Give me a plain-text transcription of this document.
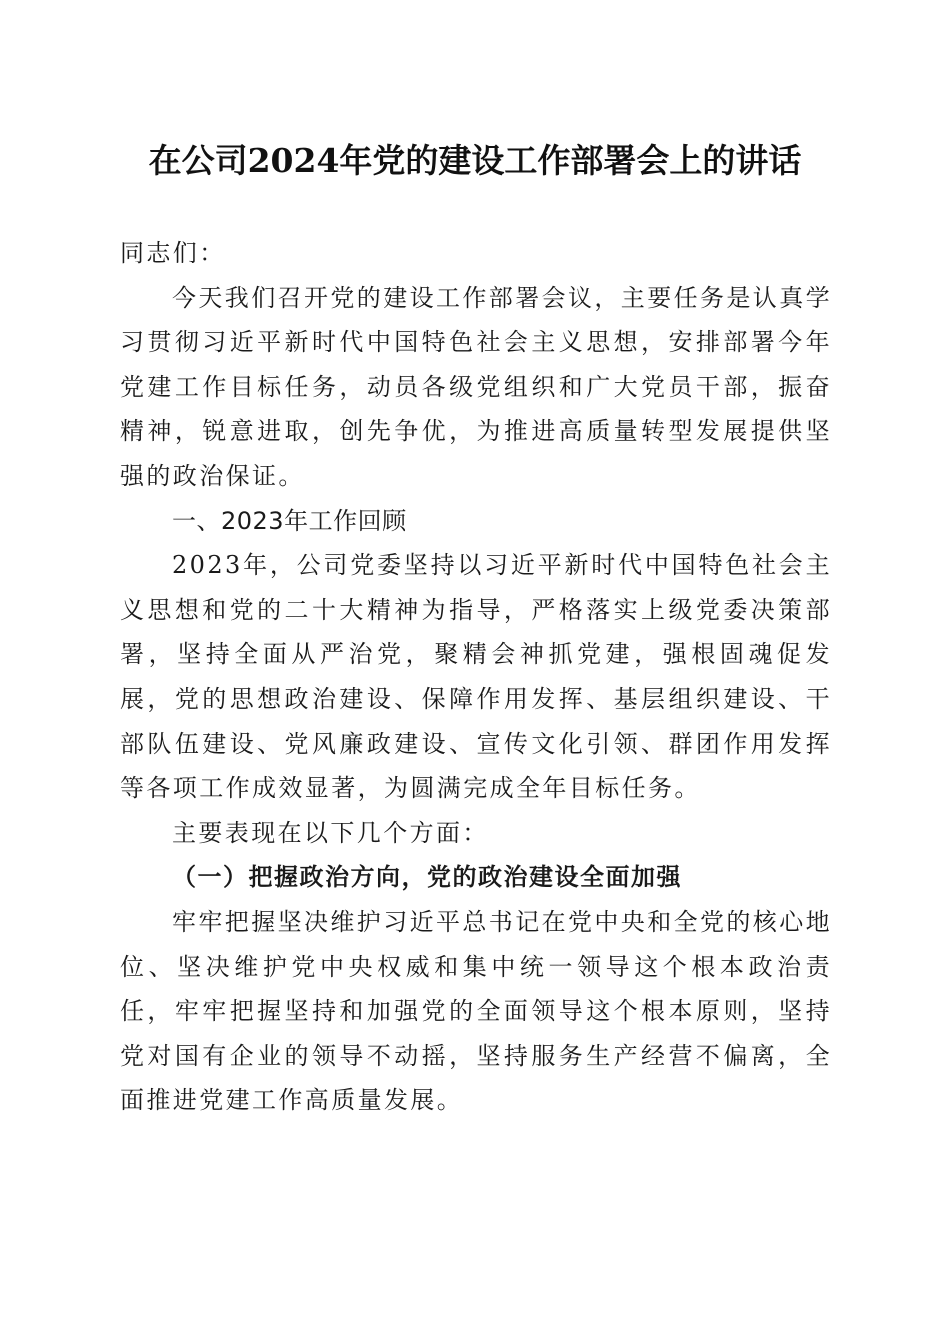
在公司2024年党的建设工作部署会上的讲话

同志们：

今天我们召开党的建设工作部署会议，主要任务是认真学习贯彻习近平新时代中国特色社会主义思想，安排部署今年党建工作目标任务，动员各级党组织和广大党员干部，振奋精神，锐意进取，创先争优，为推进高质量转型发展提供坚强的政治保证。

一、2023年工作回顾

2023年，公司党委坚持以习近平新时代中国特色社会主义思想和党的二十大精神为指导，严格落实上级党委决策部署，坚持全面从严治党，聚精会神抓党建，强根固魂促发展，党的思想政治建设、保障作用发挥、基层组织建设、干部队伍建设、党风廉政建设、宣传文化引领、群团作用发挥等各项工作成效显著，为圆满完成全年目标任务。

主要表现在以下几个方面：

（一）把握政治方向，党的政治建设全面加强

牢牢把握坚决维护习近平总书记在党中央和全党的核心地位、坚决维护党中央权威和集中统一领导这个根本政治责任，牢牢把握坚持和加强党的全面领导这个根本原则，坚持党对国有企业的领导不动摇，坚持服务生产经营不偏离，全面推进党建工作高质量发展。
